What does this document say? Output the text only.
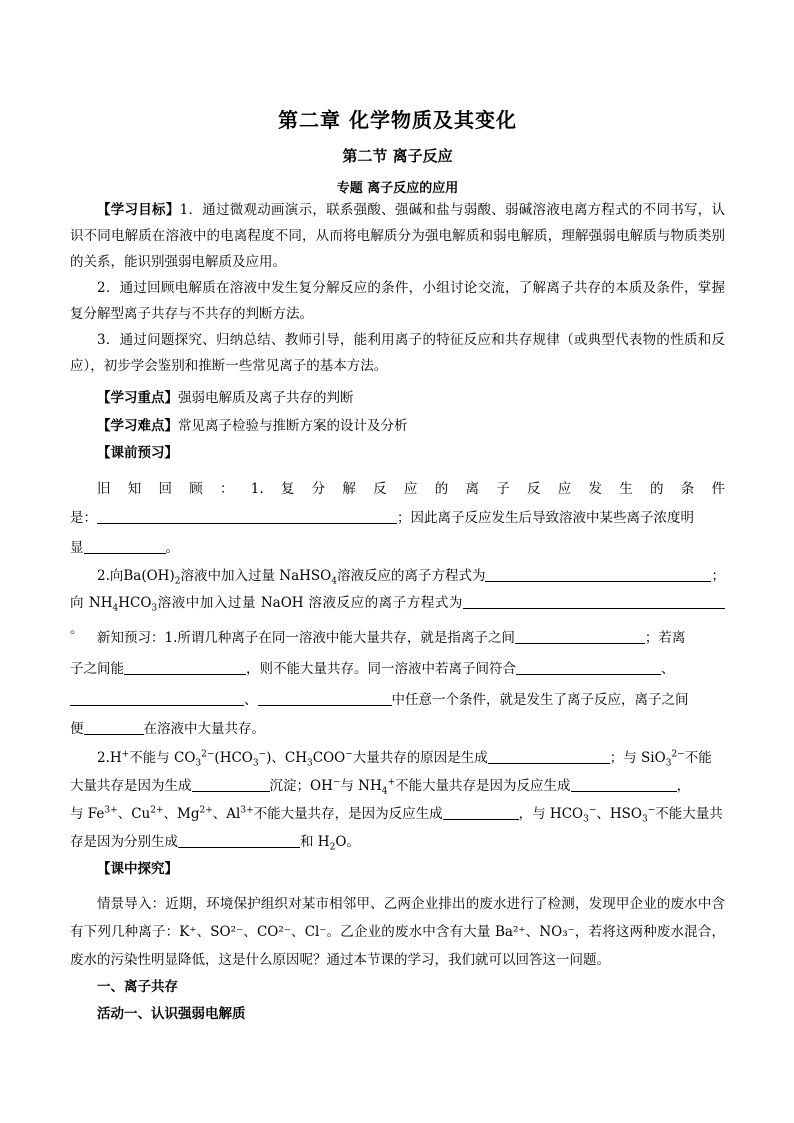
第二章 化学物质及其变化
第二节 离子反应
专题 离子反应的应用
【学习目标】1．通过微观动画演示，联系强酸、强碱和盐与弱酸、弱碱溶液电离方程式的不同书写，认识不同电解质在溶液中的电离程度不同，从而将电解质分为强电解质和弱电解质，理解强弱电解质与物质类别的关系，能识别强弱电解质及应用。
2．通过回顾电解质在溶液中发生复分解反应的条件，小组讨论交流，了解离子共存的本质及条件，掌握复分解型离子共存与不共存的判断方法。
3．通过问题探究、归纳总结、教师引导，能利用离子的特征反应和共存规律（或典型代表物的性质和反应），初步学会鉴别和推断一些常见离子的基本方法。
【学习重点】强弱电解质及离子共存的判断
【学习难点】常见离子检验与推断方案的设计及分析
【课前预习】
旧知回顾：1.复分解反应的离子反应发生的条件
是：	；因此离子反应发生后导致溶液中某些离子浓度明
显	。
2.向$Ba(OH)_2$溶液中加入过量 NaHSO$_4$溶液反应的离子方程式为	；
向 $NH_4HCO_3$溶液中加入过量 NaOH 溶液反应的离子方程式为。
新知预习：1.所谓几种离子在同一溶液中能大量共存，就是指离子之间	；若离
子之间能	，则不能大量共存。同一溶液中若离子间符合	、
、	中任意一个条件，就是发生了离子反应，离子之间
便	在溶液中大量共存。
2.H+不能与 $CO_3^{2-}(HCO_3^-)$、$CH_3COO^-$大量共存的原因是生成	；与 SiO$_3^{2-}$不能
大量共存是因为生成	沉淀；OH−与 $NH_4^+$不能大量共存是因为反应生成	，
与 $Fe^{3+}$、$Cu^{2+}$、$Mg^{2+}$、$Al^{3+}$不能大量共存，是因为反应生成	，与 $HCO_3^-$、$HSO_3^-$不能大量共
存是因为分别生成	和 $H_2O$。
【课中探究】
情景导入：近期，环境保护组织对某市相邻甲、乙两企业排出的废水进行了检测，发现甲企业的废水中含有下列几种离子：K⁺、SO²⁻、CO²⁻、Cl⁻。乙企业的废水中含有大量 Ba²⁺、NO₃⁻，若将这两种废水混合，废水的污染性明显降低，这是什么原因呢？通过本节课的学习，我们就可以回答这一问题。
一、离子共存
活动一、认识强弱电解质
